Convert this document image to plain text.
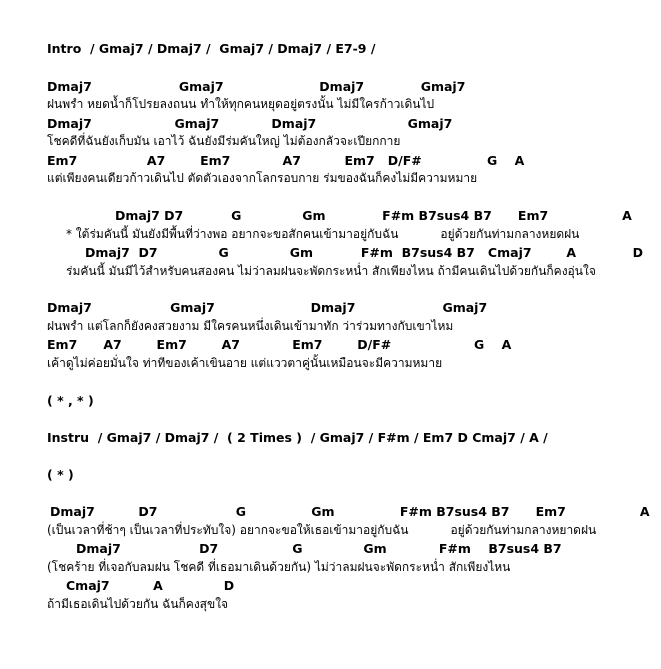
Intro  / Gmaj7 / Dmaj7 /  Gmaj7 / Dmaj7 / E7-9 /
Dmaj7                    Gmaj7                      Dmaj7             Gmaj7
ฝนพรำ หยดน้ำก็โปรยลงถนน ทำให้ทุกคนหยุดอยู่ตรงนั้น ไม่มีใครก้าวเดินไป
Dmaj7                   Gmaj7            Dmaj7                     Gmaj7
โชคดีที่ฉันยังเก็บมัน เอาไว้ ฉันยังมีร่มคันใหญ่ ไม่ต้องกลัวจะเปียกกาย
Em7                A7        Em7            A7          Em7   D/F#               G    A
แต่เพียงคนเดียวก้าวเดินไป ตัดตัวเองจากโลกรอบกาย ร่มของฉันก็คงไม่มีความหมาย
Dmaj7 D7           G              Gm             F#m B7sus4 B7      Em7                 A
* ใต้ร่มคันนี้ มันยังมีพื้นที่ว่างพอ อยากจะขอสักคนเข้ามาอยู่กับฉัน           อยู่ด้วยกันท่ามกลางหยดฝน
Dmaj7  D7              G              Gm           F#m  B7sus4 B7   Cmaj7        A             D
ร่มคันนี้ มันมีไว้สำหรับคนสองคน ไม่ว่าลมฝนจะพัดกระหน่ำ สักเพียงไหน ถ้ามีคนเดินไปด้วยกันก็คงอุ่นใจ
Dmaj7                  Gmaj7                      Dmaj7                    Gmaj7
ฝนพรำ แต่โลกก็ยังคงสวยงาม มีใครคนหนึ่งเดินเข้ามาทัก ว่าร่วมทางกับเขาไหม
Em7      A7        Em7        A7            Em7        D/F#                   G    A
เค้าดูไม่ค่อยมั่นใจ ท่าทีของเค้าเขินอาย แต่แววตาคู่นั้นเหมือนจะมีความหมาย
( * , * )
Instru  / Gmaj7 / Dmaj7 /  ( 2 Times )  / Gmaj7 / F#m / Em7 D Cmaj7 / A /
( * )
Dmaj7          D7                  G               Gm               F#m B7sus4 B7      Em7                 A
(เป็นเวลาที่ช้าๆ เป็นเวลาที่ประทับใจ) อยากจะขอให้เธอเข้ามาอยู่กับฉัน           อยู่ด้วยกันท่ามกลางหยาดฝน
Dmaj7                  D7                 G              Gm            F#m    B7sus4 B7
(โชคร้าย ที่เจอกับลมฝน โชคดี ที่เธอมาเดินด้วยกัน) ไม่ว่าลมฝนจะพัดกระหน่ำ สักเพียงไหน
Cmaj7          A              D
ถ้ามีเธอเดินไปด้วยกัน ฉันก็คงสุขใจ
